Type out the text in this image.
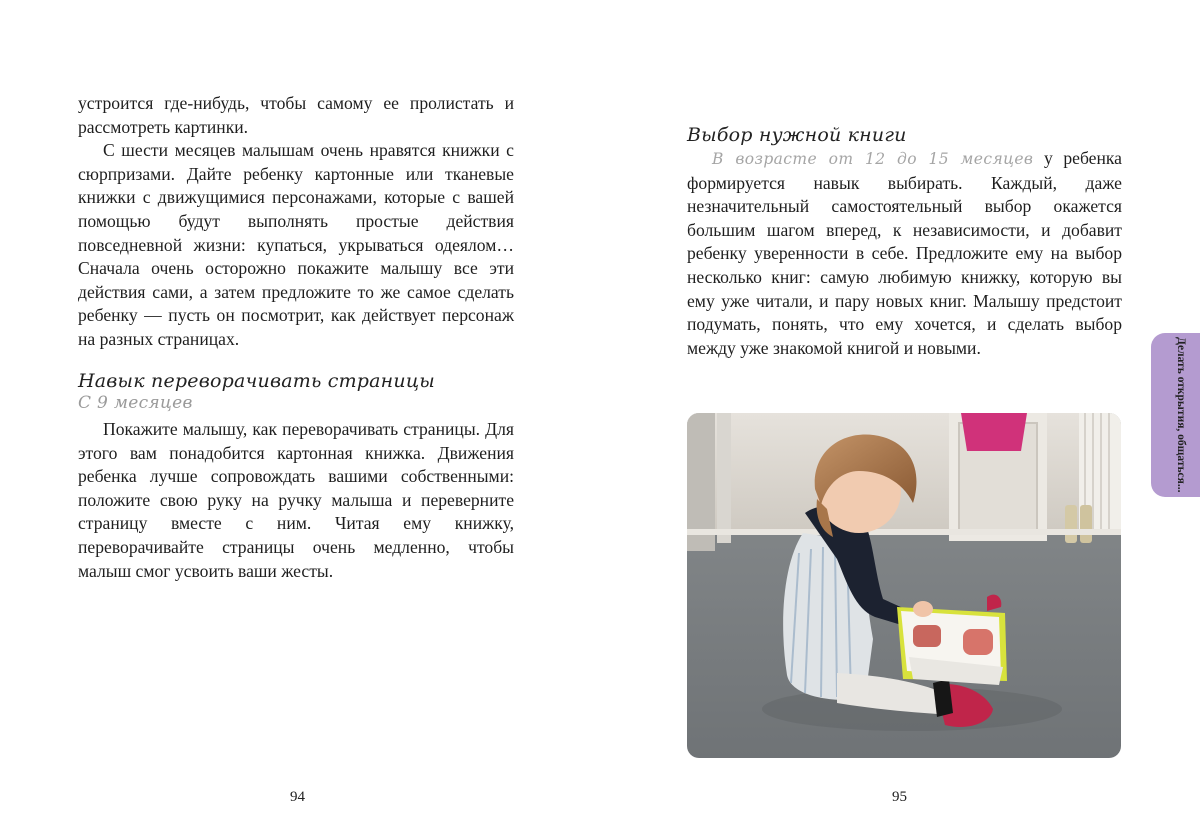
устроится где-нибудь, чтобы самому ее пролистать и рассмотреть картинки.

С шести месяцев малышам очень нравятся книжки с сюрпризами. Дайте ребенку картонные или тканевые книжки с движущимися персонажами, которые с вашей помощью будут выполнять простые действия повседневной жизни: купаться, укрываться одеялом… Сначала очень осторожно покажите малышу все эти действия сами, а затем предложите то же самое сделать ребенку — пусть он посмотрит, как действует персонаж на разных страницах.

Навык переворачивать страницы
С 9 месяцев

Покажите малышу, как переворачивать страницы. Для этого вам понадобится картонная книжка. Движения ребенка лучше сопровождать вашими собственными: положите свою руку на ручку малыша и переверните страницу вместе с ним. Читая ему книжку, переворачивайте страницы очень медленно, чтобы малыш смог усвоить ваши жесты.

94
Выбор нужной книги

В возрасте от 12 до 15 месяцев у ребенка формируется навык выбирать. Каждый, даже незначительный самостоятельный выбор окажется большим шагом вперед, к независимости, и добавит ребенку уверенности в себе. Предложите ему на выбор несколько книг: самую любимую книжку, которую вы ему уже читали, и пару новых книг. Малышу предстоит подумать, понять, что ему хочется, и сделать выбор между уже знакомой книгой и новыми.

95
Делать открытия, общаться...
